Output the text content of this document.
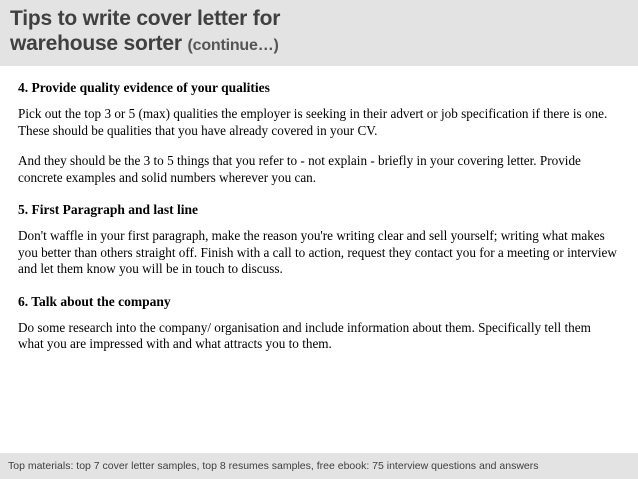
Tips to write cover letter for
warehouse sorter (continue…)
4. Provide quality evidence of your qualities

Pick out the top 3 or 5 (max) qualities the employer is seeking in their advert or job specification if there is one. These should be qualities that you have already covered in your CV.

And they should be the 3 to 5 things that you refer to - not explain - briefly in your covering letter. Provide concrete examples and solid numbers wherever you can.

5. First Paragraph and last line

Don't waffle in your first paragraph, make the reason you're writing clear and sell yourself; writing what makes you better than others straight off. Finish with a call to action, request they contact you for a meeting or interview and let them know you will be in touch to discuss.

6. Talk about the company

Do some research into the company/ organisation and include information about them. Specifically tell them what you are impressed with and what attracts you to them.

Top materials: top 7 cover letter samples, top 8 resumes samples, free ebook: 75 interview questions and answers
